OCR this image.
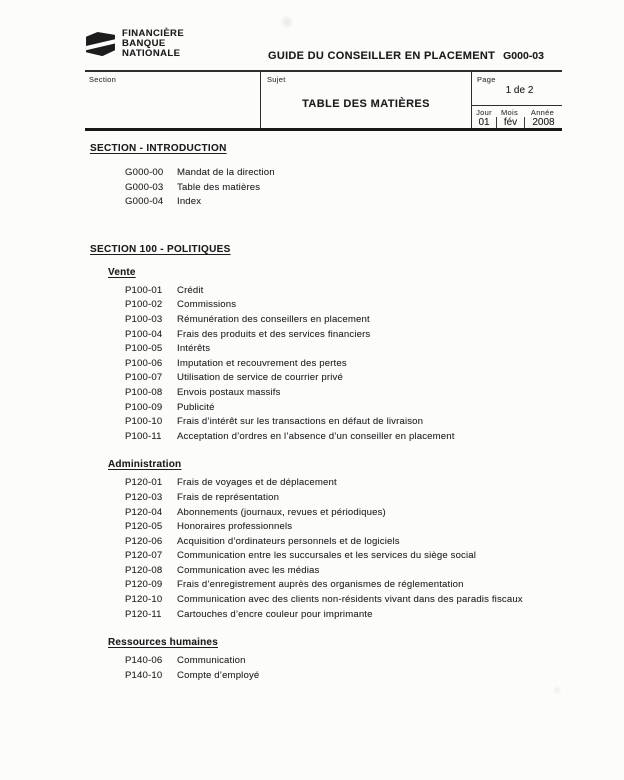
FINANCIÈRE
BANQUE
NATIONALE	GUIDE DU CONSEILLER EN PLACEMENT G000-03
Section	Sujet
TABLE DES MATIÈRES
Page
1 de 2
Jour	Mois	Année
01	fév	2008
SECTION - INTRODUCTION
G000-00	Mandat de la direction
G000-03	Table des matières
G000-04	Index
SECTION 100 - POLITIQUES
Vente
P100-01	Crédit
P100-02	Commissions
P100-03	Rémunération des conseillers en placement
P100-04	Frais des produits et des services financiers
P100-05	Intérêts
P100-06	Imputation et recouvrement des pertes
P100-07	Utilisation de service de courrier privé
P100-08	Envois postaux massifs
P100-09	Publicité
P100-10	Frais d’intérêt sur les transactions en défaut de livraison
P100-11	Acceptation d’ordres en l’absence d’un conseiller en placement
Administration
P120-01	Frais de voyages et de déplacement
P120-03	Frais de représentation
P120-04	Abonnements (journaux, revues et périodiques)
P120-05	Honoraires professionnels
P120-06	Acquisition d’ordinateurs personnels et de logiciels
P120-07	Communication entre les succursales et les services du siège social
P120-08	Communication avec les médias
P120-09	Frais d’enregistrement auprès des organismes de réglementation
P120-10	Communication avec des clients non-résidents vivant dans des paradis fiscaux
P120-11	Cartouches d’encre couleur pour imprimante
Ressources humaines
P140-06	Communication
P140-10	Compte d’employé
